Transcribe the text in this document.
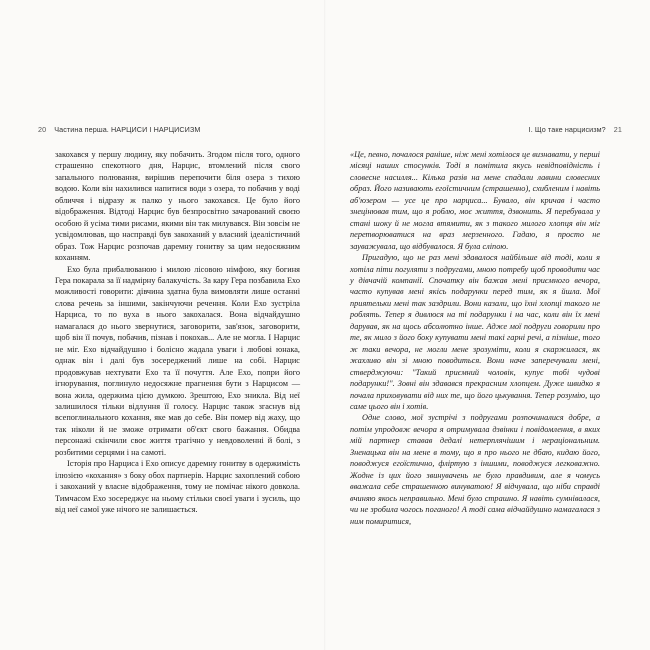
20 Частина перша. НАРЦИСИ І НАРЦИСИЗМ	I. Що таке нарцисизм? 21

закохався у першу людину, яку побачить. Згодом після того, одного страшенно спекотного дня, Нарцис, втомлений після свого запального полювання, вирішив перепочити біля озера з тихою водою. Коли він нахилився напитися води з озера, то побачив у воді обличчя і відразу ж палко у нього закохався. Це було його відображення. Відтоді Нарцис був безпросвітно зачарований своєю особою й усіма тими рисами, якими він так милувався. Він зовсім не усвідомлював, що насправді був закоханий у власний ідеалістичний образ. Тож Нарцис розпочав даремну гонитву за цим недосяжним коханням.

Ехо була прибалюваною і милою лісовою німфою, яку богиня Гера покарала за її надмірну балакучість. За кару Гера позбавила Ехо можливості говорити: дівчина здатна була вимовляти лише останні слова речень за іншими, закінчуючи речення. Коли Ехо зустріла Нарциса, то по вуха в нього закохалася. Вона відчайдушно намагалася до нього звернутися, заговорити, зав'язок, заговорити, щоб він її почув, побачив, пізнав і покохав... Але не могла. І Нарцис не міг. Ехо відчайдушно і болісно жадала уваги і любові юнака, однак він і далі був зосереджений лише на собі. Нарцис продовжував нехтувати Ехо та її почуття. Але Ехо, попри його ігнорування, поглинуло недосяжне прагнення бути з Нарцисом — вона жила, одержима цією думкою. Зрештою, Ехо зникла. Від неї залишилося тільки відлуння її голосу. Нарцис також згаснув від всепоглинального кохання, яке мав до себе. Він помер від жаху, що так ніколи й не зможе отримати об'єкт свого бажання. Обидва персонажі скінчили своє життя трагічно у невдоволенні й болі, з розбитими серцями і на самоті.

Історія про Нарциса і Ехо описує даремну гонитву в одержимість ілюзією «кохання» з боку обох партнерів. Нарцис захоплений собою і закоханий у власне відображення, тому не помічає нікого довкола. Тимчасом Ехо зосереджує на ньому стільки своєї уваги і зусиль, що від неї самої уже нічого не залишається.

«Це, певно, почалося раніше, ніж мені хотілося це визнавати, у перші місяці наших стосунків. Тоді я помітила якусь невідповідність і словесне насилля... Кілька разів на мене спадали лавини словесних образ. Його називають егоїстичним (страшенно), схибленим і навіть аб'юзером — усе це про нарциса... Бувало, він кричав і часто знецінював тим, що я роблю, моє життя, дзвонить. Я перебувала у стані шоку й не могла втямити, як з такого милого хлопця він міг перетворюватися на враз мерзенного. Гадаю, я просто не зауважувала, що відбувалося. Я була сліпою.

Пригадую, що не раз мені здавалося найбільше від тоді, коли я хотіла піти погуляти з подругами, мною потребу щоб проводити час у дівчачій компанії. Спочатку він бажав мені приємного вечора, часто купував мені якісь подарунки перед тим, як я йшла. Мої приятельки мені так заздрили. Вони казали, що їхні хлопці такого не роблять. Тепер я дивлюся на ті подарунки і на час, коли він їх мені дарував, як на щось абсолютно інше. Адже мої подруги говорили про те, як мило з його боку купувати мені такі гарні речі, а пізніше, того ж таки вечора, не могли мене зрозуміти, коли я скаржилася, як жахливо він зі мною поводиться. Вони наче заперечували мені, стверджуючи: "Такий приємний чоловік, купує тобі чудові подарунки!". Зовні він здавався прекрасним хлопцем. Дуже швидко я почала приховувати від них те, що його цькування. Тепер розумію, що саме цього він і хотів.

Одне слово, мої зустрічі з подругами розпочиналися добре, а потім упродовж вечора я отримувала дзвінки і повідомлення, в яких мій партнер ставав дедалі нетерплячішим і нераціональним. Зненацька він на мене в тому, що я про нього не дбаю, кидаю його, поводжуся егоїстично, фліртую з іншими, поводжуся легковажно. Жодне із цих його звинувачень не було правдивим, але я чомусь вважала себе страшенною винуватою! Я відчувала, що ніби справді вчиняю якось неправильно. Мені було страшно. Я навіть сумнівалася, чи не зробила чогось поганого! А тоді сама відчайдушно намагалася з ним помиритися,
